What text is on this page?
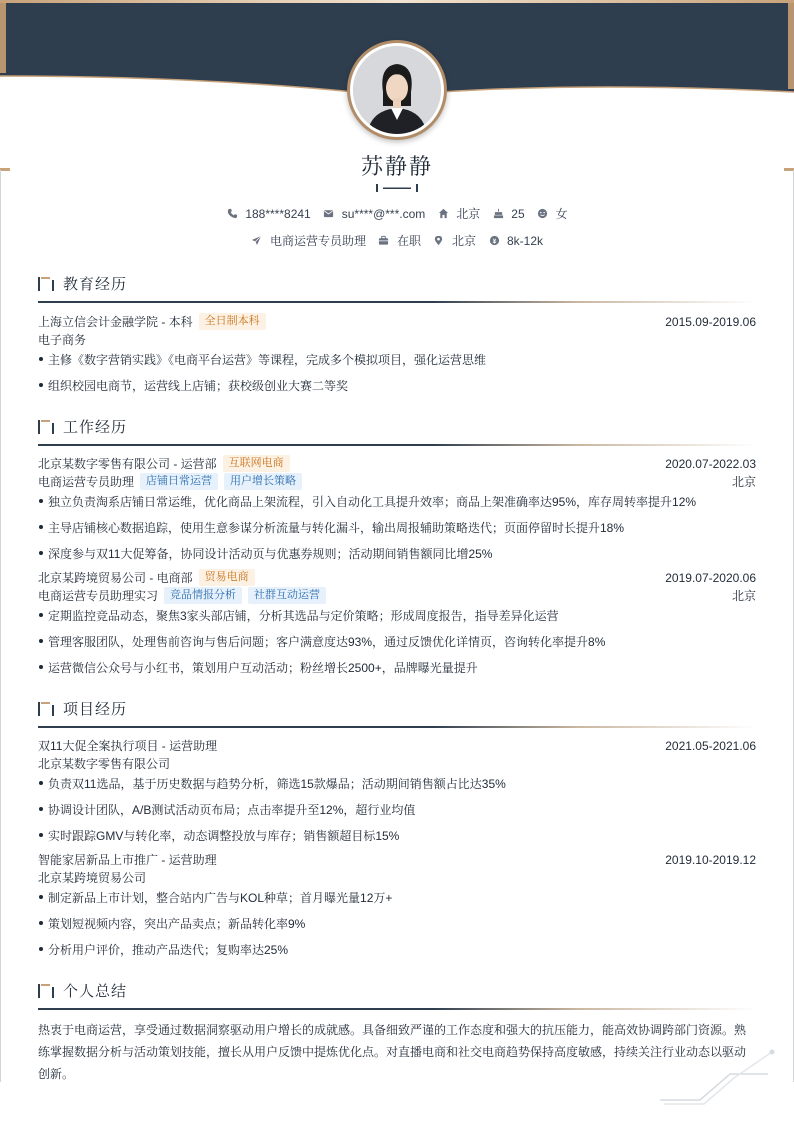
苏静静
188****8241	su****@***.com	北京	25	女
电商运营专员助理	在职	北京	8k-12k
教育经历
上海立信会计金融学院 - 本科	全日制本科	2015.09-2019.06
电子商务
主修《数字营销实践》《电商平台运营》等课程，完成多个模拟项目，强化运营思维
组织校园电商节，运营线上店铺；获校级创业大赛二等奖
工作经历
北京某数字零售有限公司 - 运营部	互联网电商	2020.07-2022.03
电商运营专员助理	店铺日常运营	用户增长策略	北京
独立负责淘系店铺日常运维，优化商品上架流程，引入自动化工具提升效率；商品上架准确率达95%，库存周转率提升12%
主导店铺核心数据追踪，使用生意参谋分析流量与转化漏斗，输出周报辅助策略迭代；页面停留时长提升18%
深度参与双11大促筹备，协同设计活动页与优惠券规则；活动期间销售额同比增25%
北京某跨境贸易公司 - 电商部	贸易电商	2019.07-2020.06
电商运营专员助理实习	竞品情报分析	社群互动运营	北京
定期监控竞品动态，聚焦3家头部店铺，分析其选品与定价策略；形成周度报告，指导差异化运营
管理客服团队，处理售前咨询与售后问题；客户满意度达93%，通过反馈优化详情页，咨询转化率提升8%
运营微信公众号与小红书，策划用户互动活动；粉丝增长2500+，品牌曝光量提升
项目经历
双11大促全案执行项目 - 运营助理	2021.05-2021.06
北京某数字零售有限公司
负责双11选品，基于历史数据与趋势分析，筛选15款爆品；活动期间销售额占比达35%
协调设计团队，A/B测试活动页布局；点击率提升至12%，超行业均值
实时跟踪GMV与转化率，动态调整投放与库存；销售额超目标15%
智能家居新品上市推广 - 运营助理	2019.10-2019.12
北京某跨境贸易公司
制定新品上市计划，整合站内广告与KOL种草；首月曝光量12万+
策划短视频内容，突出产品卖点；新品转化率9%
分析用户评价，推动产品迭代；复购率达25%
个人总结
热衷于电商运营，享受通过数据洞察驱动用户增长的成就感。具备细致严谨的工作态度和强大的抗压能力，能高效协调跨部门资源。熟练掌握数据分析与活动策划技能，擅长从用户反馈中提炼优化点。对直播电商和社交电商趋势保持高度敏感，持续关注行业动态以驱动创新。
